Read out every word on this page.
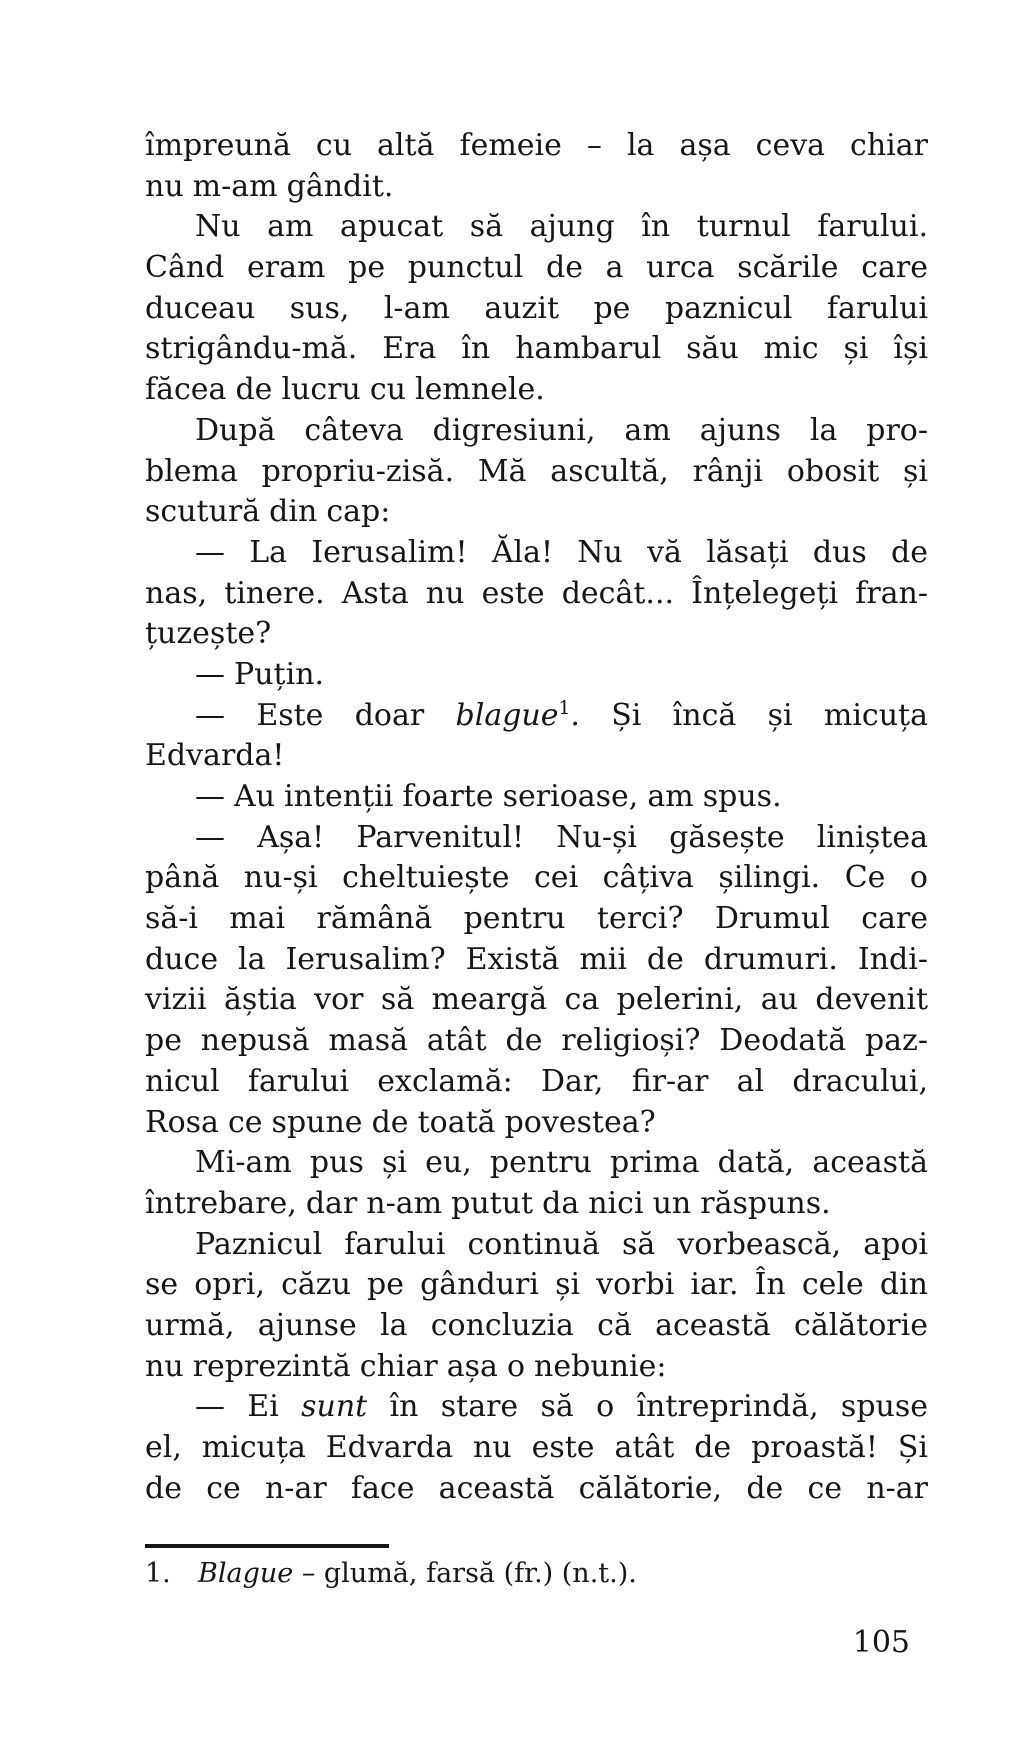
împreună cu altă femeie – la așa ceva chiar
nu m-am gândit.
Nu am apucat să ajung în turnul farului.
Când eram pe punctul de a urca scările care
duceau sus, l-am auzit pe paznicul farului
strigându-mă. Era în hambarul său mic și își
făcea de lucru cu lemnele.
După câteva digresiuni, am ajuns la pro-
blema propriu-zisă. Mă ascultă, rânji obosit și
scutură din cap:
— La Ierusalim! Ăla! Nu vă lăsați dus de
nas, tinere. Asta nu este decât... Înțelegeți fran-
țuzește?
— Puțin.
— Este doar blague$^1$. Și încă și micuța
Edvarda!
— Au intenții foarte serioase, am spus.
— Așa! Parvenitul! Nu-și găsește liniștea
până nu-și cheltuiește cei câțiva șilingi. Ce o
să-i mai rămână pentru terci? Drumul care
duce la Ierusalim? Există mii de drumuri. Indi-
vizii ăștia vor să meargă ca pelerini, au devenit
pe nepusă masă atât de religioși? Deodată paz-
nicul farului exclamă: Dar, fir-ar al dracului,
Rosa ce spune de toată povestea?
Mi-am pus și eu, pentru prima dată, această
întrebare, dar n-am putut da nici un răspuns.
Paznicul farului continuă să vorbească, apoi
se opri, căzu pe gânduri și vorbi iar. În cele din
urmă, ajunse la concluzia că această călătorie
nu reprezintă chiar așa o nebunie:
— Ei sunt în stare să o întreprindă, spuse
el, micuța Edvarda nu este atât de proastă! Și
de ce n-ar face această călătorie, de ce n-ar
1. Blague – glumă, farsă (fr.) (n.t.).
105
